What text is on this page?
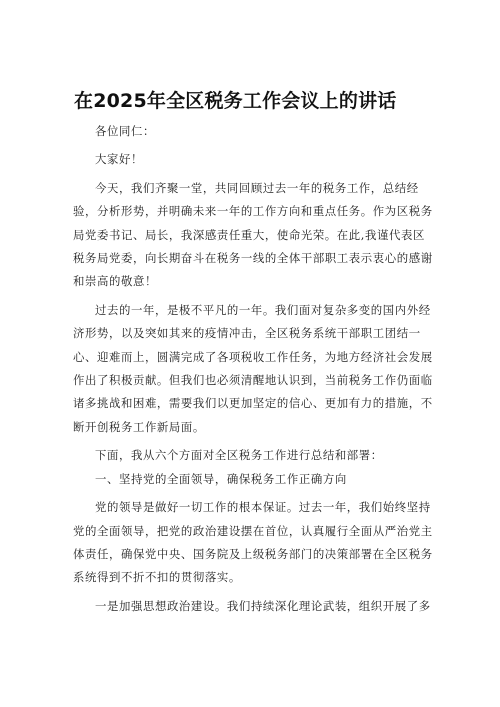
在2025年全区税务工作会议上的讲话

各位同仁：

大家好！

今天，我们齐聚一堂，共同回顾过去一年的税务工作，总结经验，分析形势，并明确未来一年的工作方向和重点任务。作为区税务局党委书记、局长，我深感责任重大，使命光荣。在此,我谨代表区税务局党委，向长期奋斗在税务一线的全体干部职工表示衷心的感谢和崇高的敬意！

过去的一年，是极不平凡的一年。我们面对复杂多变的国内外经济形势，以及突如其来的疫情冲击，全区税务系统干部职工团结一心、迎难而上，圆满完成了各项税收工作任务，为地方经济社会发展作出了积极贡献。但我们也必须清醒地认识到，当前税务工作仍面临诸多挑战和困难，需要我们以更加坚定的信心、更加有力的措施，不断开创税务工作新局面。

下面，我从六个方面对全区税务工作进行总结和部署：

一、坚持党的全面领导，确保税务工作正确方向

党的领导是做好一切工作的根本保证。过去一年，我们始终坚持党的全面领导，把党的政治建设摆在首位，认真履行全面从严治党主体责任，确保党中央、国务院及上级税务部门的决策部署在全区税务系统得到不折不扣的贯彻落实。

一是加强思想政治建设。我们持续深化理论武装，组织开展了多
